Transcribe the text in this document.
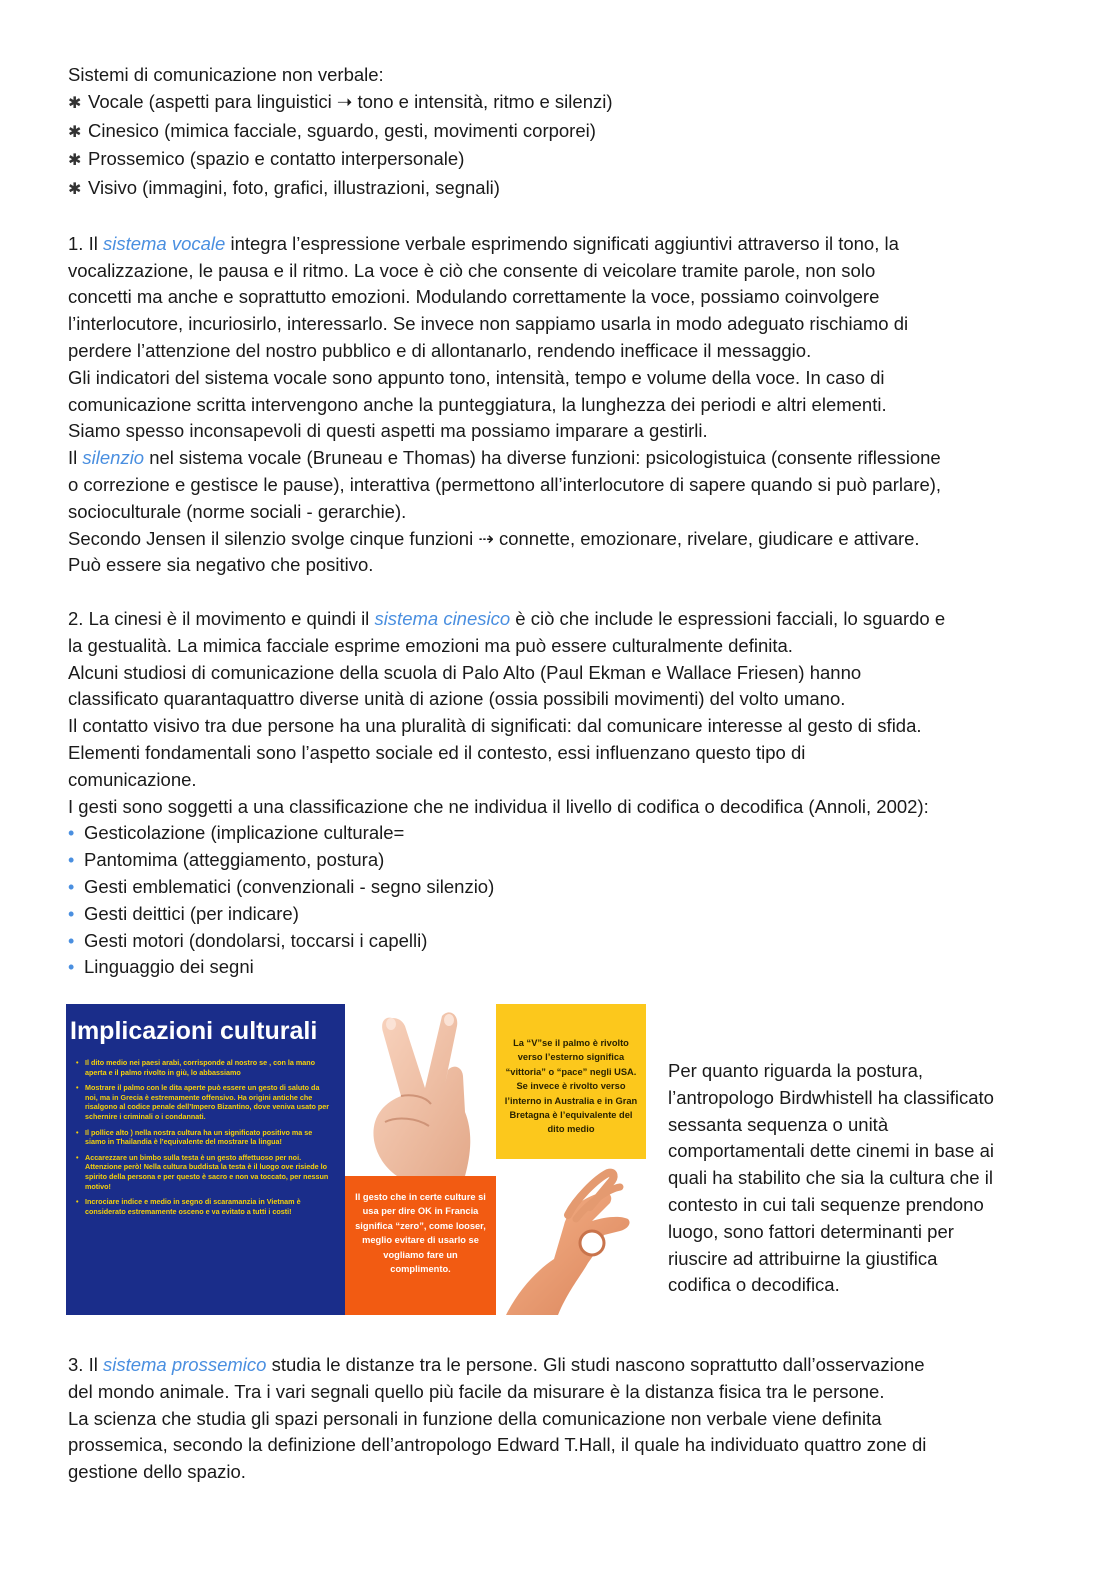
Sistemi di comunicazione non verbale:

✱ Vocale (aspetti para linguistici ➝ tono e intensità, ritmo e silenzi)

✱ Cinesico (mimica facciale, sguardo, gesti, movimenti corporei)

✱ Prossemico (spazio e contatto interpersonale)

✱ Visivo (immagini, foto, grafici, illustrazioni, segnali)

1. Il sistema vocale integra l’espressione verbale esprimendo significati aggiuntivi attraverso il tono, la

vocalizzazione, le pausa e il ritmo. La voce è ciò che consente di veicolare tramite parole, non solo

concetti ma anche e soprattutto emozioni. Modulando correttamente la voce, possiamo coinvolgere

l’interlocutore, incuriosirlo, interessarlo. Se invece non sappiamo usarla in modo adeguato rischiamo di

perdere l’attenzione del nostro pubblico e di allontanarlo, rendendo inefficace il messaggio.

Gli indicatori del sistema vocale sono appunto tono, intensità, tempo e volume della voce. In caso di

comunicazione scritta intervengono anche la punteggiatura, la lunghezza dei periodi e altri elementi.

Siamo spesso inconsapevoli di questi aspetti ma possiamo imparare a gestirli.

Il silenzio nel sistema vocale (Bruneau e Thomas) ha diverse funzioni: psicologistuica (consente riflessione

o correzione e gestisce le pause), interattiva (permettono all’interlocutore di sapere quando si può parlare),

socioculturale (norme sociali - gerarchie).

Secondo Jensen il silenzio svolge cinque funzioni ⇢ connette, emozionare, rivelare, giudicare e attivare.

Può essere sia negativo che positivo.

2. La cinesi è il movimento e quindi il sistema cinesico è ciò che include le espressioni facciali, lo sguardo e

la gestualità. La mimica facciale esprime emozioni ma può essere culturalmente definita.

Alcuni studiosi di comunicazione della scuola di Palo Alto (Paul Ekman e Wallace Friesen) hanno

classificato quarantaquattro diverse unità di azione (ossia possibili movimenti) del volto umano.

Il contatto visivo tra due persone ha una pluralità di significati: dal comunicare interesse al gesto di sfida.

Elementi fondamentali sono l’aspetto sociale ed il contesto, essi influenzano questo tipo di

comunicazione.

I gesti sono soggetti a una classificazione che ne individua il livello di codifica o decodifica (Annoli, 2002):

• Gesticolazione (implicazione culturale=

• Pantomima (atteggiamento, postura)

• Gesti emblematici (convenzionali - segno silenzio)

• Gesti deittici (per indicare)

• Gesti motori (dondolarsi, toccarsi i capelli)

• Linguaggio dei segni

Implicazioni culturali
• Il dito medio nei paesi arabi, corrisponde al nostro se , con la mano aperta e il palmo rivolto in giù, lo abbassiamo
• Mostrare il palmo con le dita aperte può essere un gesto di saluto da noi, ma in Grecia è estremamente offensivo. Ha origini antiche che risalgono al codice penale dell’Impero Bizantino, dove veniva usato per schernire i criminali o i condannati.
• Il pollice alto ) nella nostra cultura ha un significato positivo ma se siamo in Thailandia è l’equivalente del mostrare la lingua!
• Accarezzare un bimbo sulla testa è un gesto affettuoso per noi. Attenzione però! Nella cultura buddista la testa è il luogo ove risiede lo spirito della persona e per questo è sacro e non va toccato, per nessun motivo!
• Incrociare indice e medio in segno di scaramanzia in Vietnam è considerato estremamente osceno e va evitato a tutti i costi!
Il gesto che in certe culture si usa per dire OK in Francia significa “zero”, come looser, meglio evitare di usarlo se vogliamo fare un complimento.
La “V”se il palmo è rivolto verso l’esterno significa “vittoria” o “pace” negli USA. Se invece è rivolto verso l’interno in Australia e in Gran Bretagna è l’equivalente del dito medio
Per quanto riguarda la postura,
l’antropologo Birdwhistell ha classificato
sessanta sequenza o unità
comportamentali dette cinemi in base ai
quali ha stabilito che sia la cultura che il
contesto in cui tali sequenze prendono
luogo, sono fattori determinanti per
riuscire ad attribuirne la giustifica
codifica o decodifica.

3. Il sistema prossemico studia le distanze tra le persone. Gli studi nascono soprattutto dall’osservazione

del mondo animale. Tra i vari segnali quello più facile da misurare è la distanza fisica tra le persone.

La scienza che studia gli spazi personali in funzione della comunicazione non verbale viene definita

prossemica, secondo la definizione dell’antropologo Edward T.Hall, il quale ha individuato quattro zone di

gestione dello spazio.
